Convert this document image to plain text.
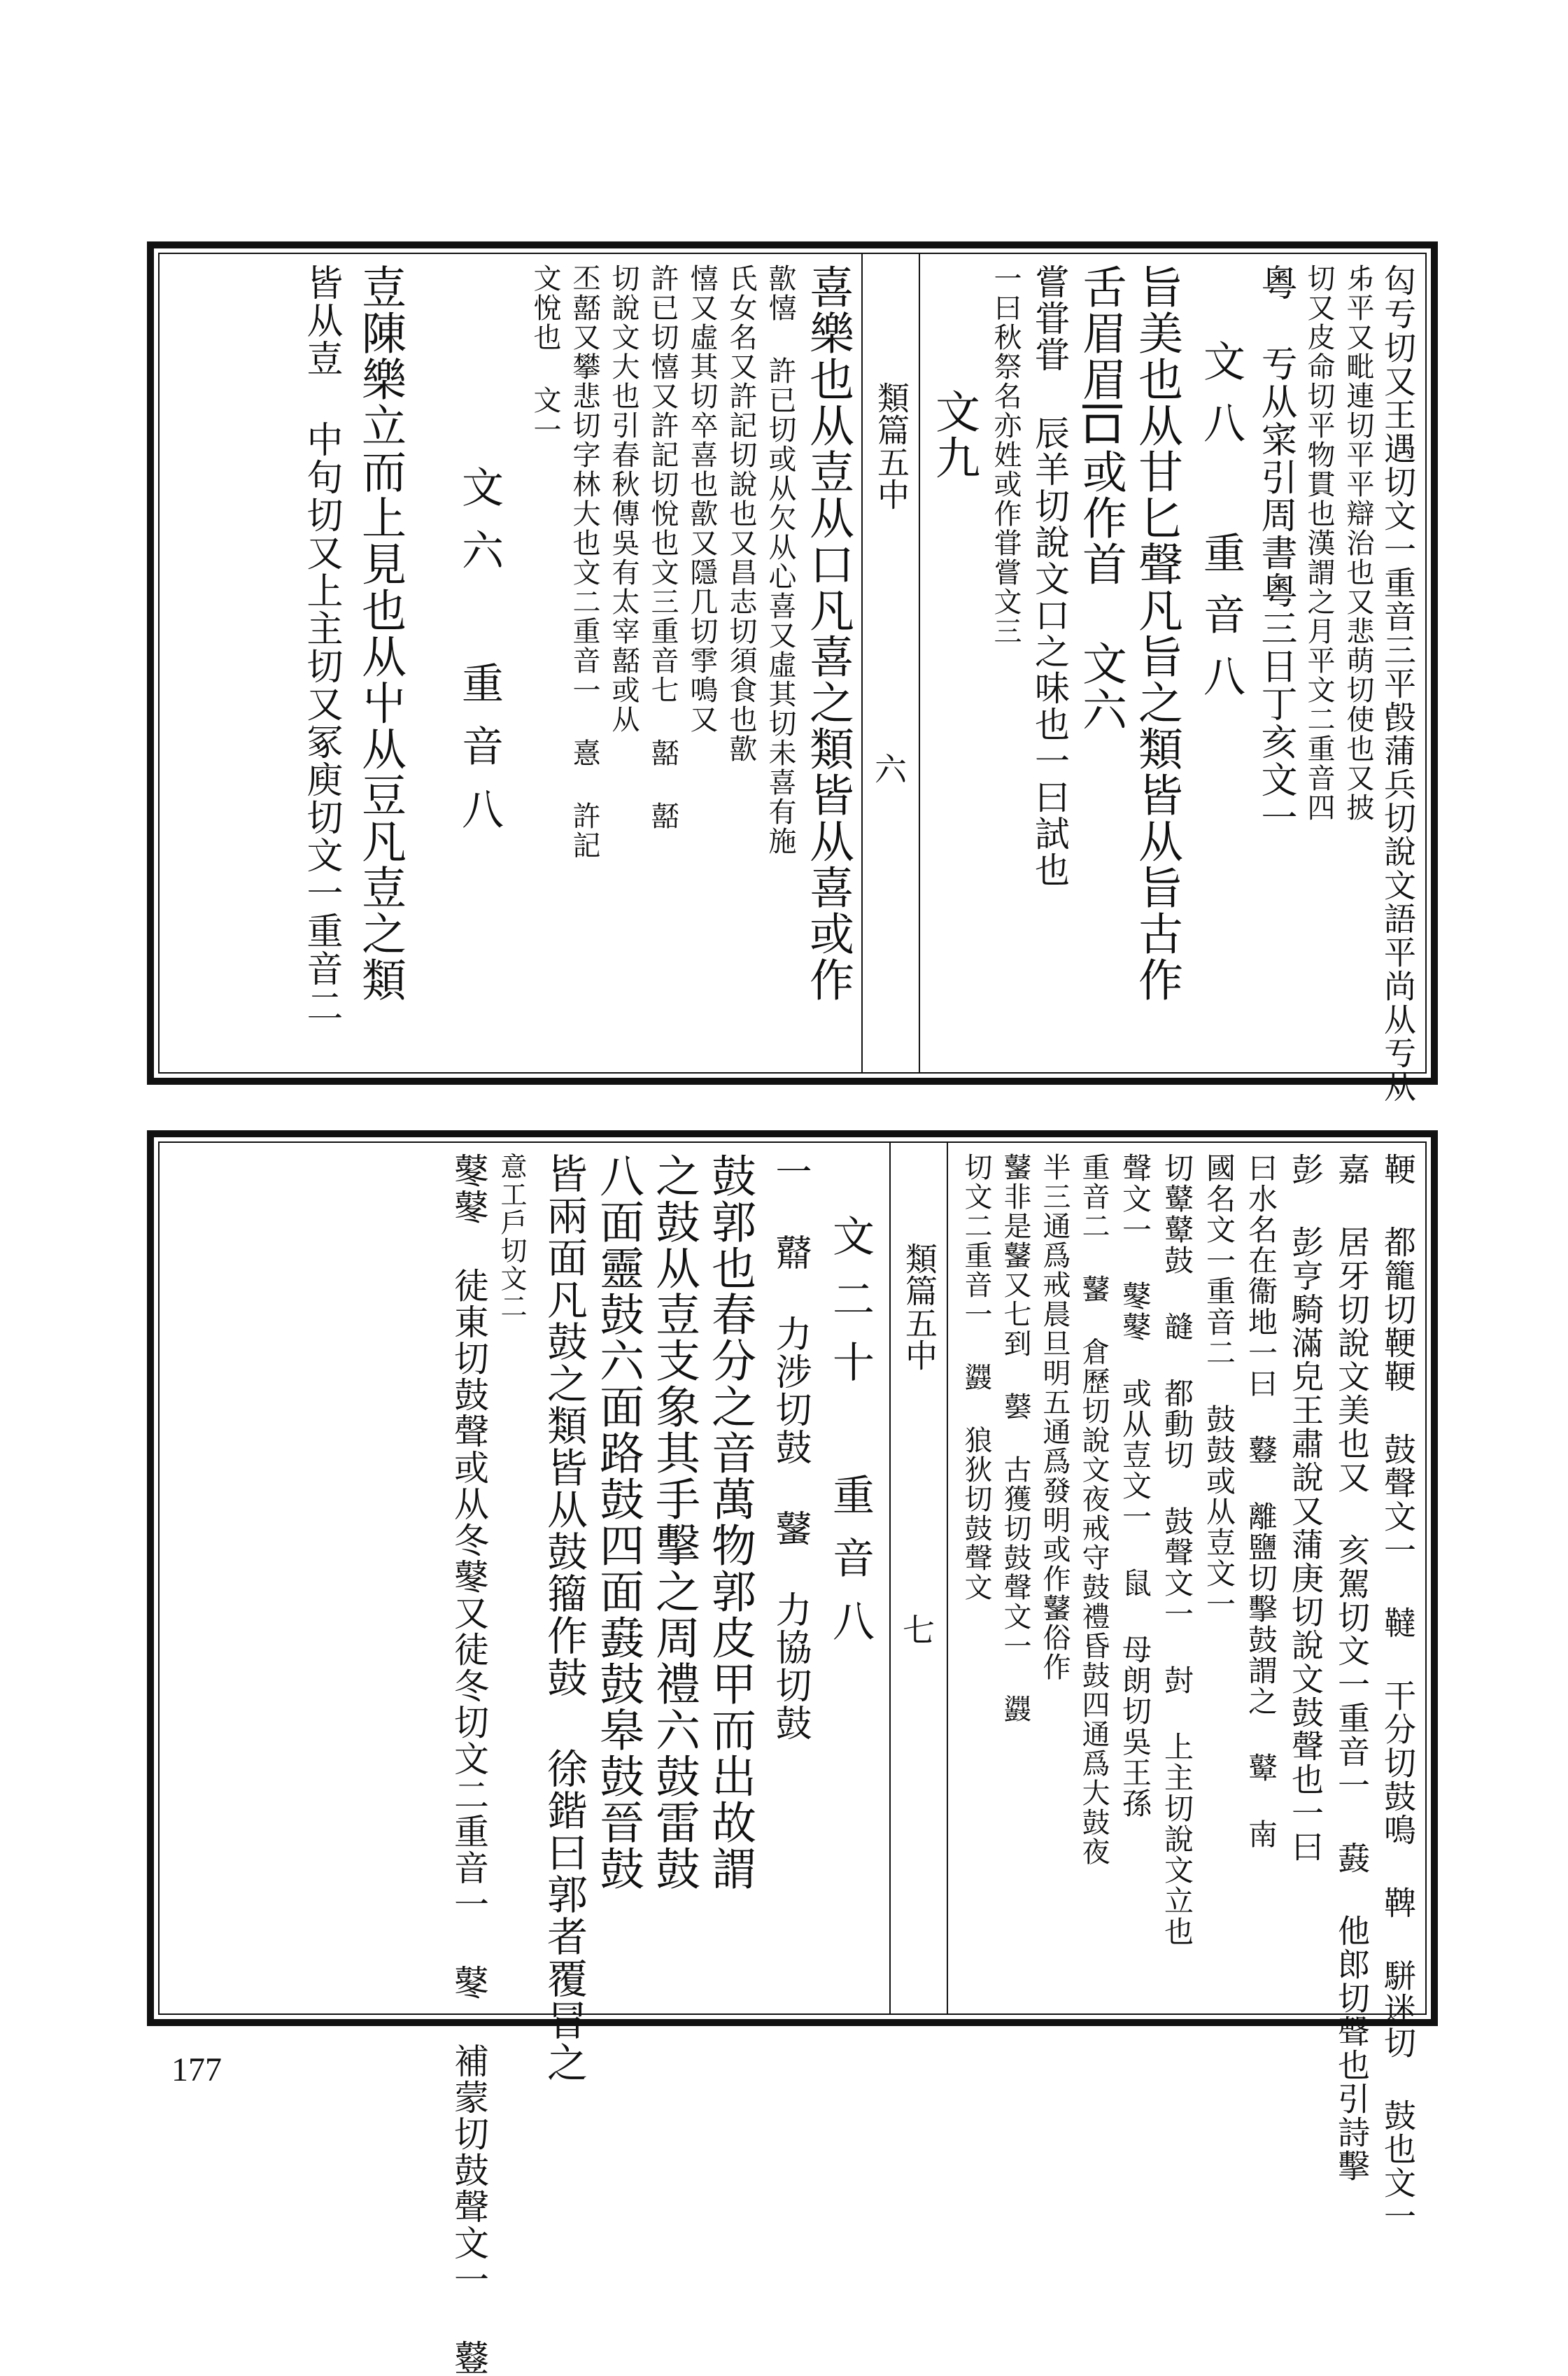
匃亐切又王遇切文一重音三平㲃蒲兵切說文語平尚从亐从
𠂔平又毗連切平平辯治也又悲萌切使也又披
切又皮命切平物貫也漢謂之月平文二重音四
粵 亐从寀引周書粵三日丁亥文一
文八 重音八
旨美也从甘匕聲凡旨之類皆从旨古作
舌眉眉𠮛或作首 文六
嘗甞甞 辰羊切說文口之味也一曰試也
一曰秋祭名亦姓或作甞嘗文三
文九
類篇五中
六
喜樂也从壴从口凡喜之類皆从喜或作
歖憘 許已切或从欠从心喜又虛其切未喜有施
氏女名又許記切說也又昌志切須食也歖
憘又虛其切卒喜也歖又隱几切𩁹鳴又
許已切憘又許記切悅也文三重音七 嚭 嚭
切說文大也引春秋傳吳有太宰嚭或从
丕嚭又攀悲切字林大也文二重音一 憙 許記
文悅也 文一
文六 重音八
壴陳樂立而上見也从屮从豆凡壴之類
皆从壴 中句切又上主切又冢庾切文一重音二
鞕 都籠切鞕鞕 鼓聲文一 韃 干分切鼓鳴 鞞 駢迷切 鼓也文一
嘉 居牙切說文美也又 亥駕切文一重音一 鼖 他郎切聲也引詩擊
彭 彭亨騎滿皃王肅說又蒲庚切說文鼓聲也一曰
曰水名在衞地一曰 鼟 離鹽切擊鼓謂之 鼙 南
國名文一重音二 鼓鼓或从壴文一
切鼙鼙鼓 韼 都動切 鼓聲文一 尌 上主切說文立也
聲文一 鼕鼕 或从壴文一 鼠 母朗切吳王孫
重音二 鼜 倉歷切說文夜戒守鼓禮昏鼓四通爲大鼓夜
半三通爲戒晨旦明五通爲發明或作鼜俗作
鼜非是鼜又七到 䵽 古獲切鼓聲文一 鼝
切文二重音一 鼝 狼狄切鼓聲文
類篇五中
七
文二十 重音八
一 鼘 力涉切鼓 鼜 力協切鼓
鼓郭也春分之音萬物郭皮甲而出故謂
之鼓从壴支象其手擊之周禮六鼓雷鼓
八面靈鼓六面路鼓四面鼖鼓皋鼓晉鼓
皆兩面凡鼓之類皆从鼓籀作鼓 徐鍇曰郭者覆冒之
意工戶切文二
鼕鼕 徒東切鼓聲或从冬鼕又徒冬切文二重音一 鼕 補蒙切鼓聲文一 鼟
177
